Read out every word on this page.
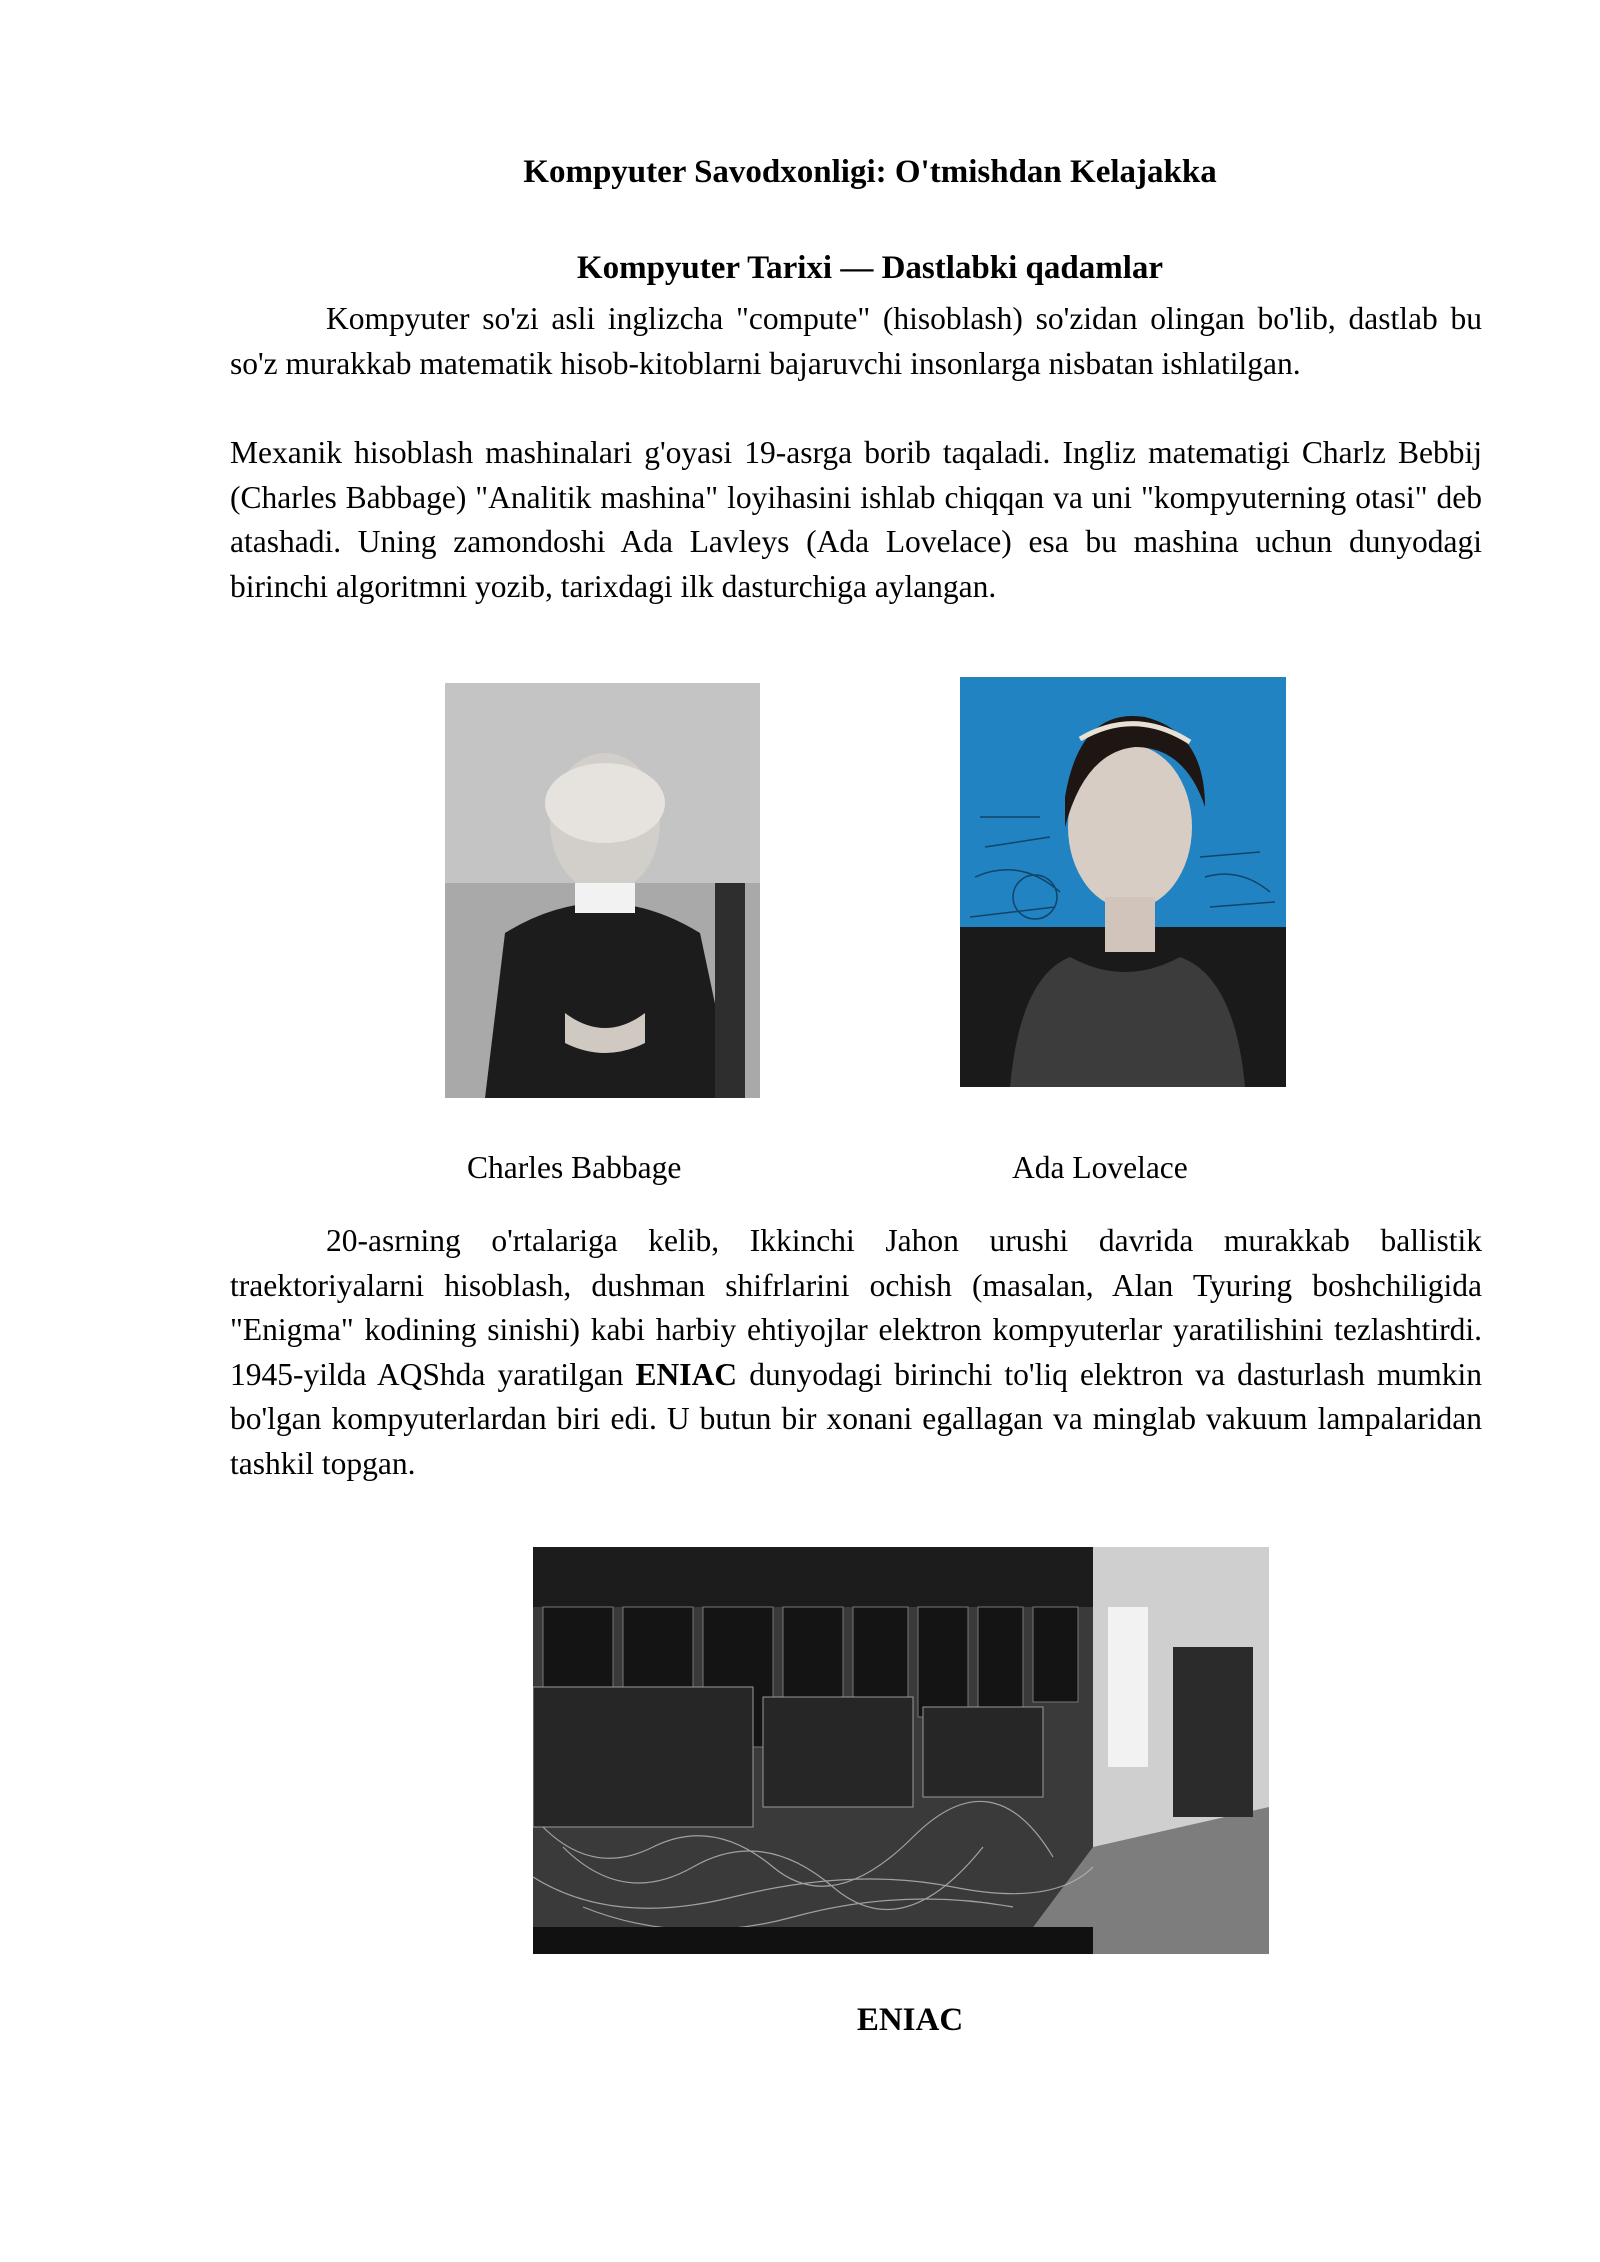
Kompyuter Savodxonligi: O'tmishdan Kelajakka
Kompyuter Tarixi — Dastlabki qadamlar

Kompyuter so'zi asli inglizcha "compute" (hisoblash) so'zidan olingan bo'lib, dastlab bu so'z murakkab matematik hisob-kitoblarni bajaruvchi insonlarga nisbatan ishlatilgan.

Mexanik hisoblash mashinalari g'oyasi 19-asrga borib taqaladi. Ingliz matematigi Charlz Bebbij (Charles Babbage) "Analitik mashina" loyihasini ishlab chiqqan va uni "kompyuterning otasi" deb atashadi. Uning zamondoshi Ada Lavleys (Ada Lovelace) esa bu mashina uchun dunyodagi birinchi algoritmni yozib, tarixdagi ilk dasturchiga aylangan.

Charles Babbage	Ada Lovelace

20-asrning o'rtalariga kelib, Ikkinchi Jahon urushi davrida murakkab ballistik traektoriyalarni hisoblash, dushman shifrlarini ochish (masalan, Alan Tyuring boshchiligida "Enigma" kodining sinishi) kabi harbiy ehtiyojlar elektron kompyuterlar yaratilishini tezlashtirdi. 1945-yilda AQShda yaratilgan ENIAC dunyodagi birinchi to'liq elektron va dasturlash mumkin bo'lgan kompyuterlardan biri edi. U butun bir xonani egallagan va minglab vakuum lampalaridan tashkil topgan.

ENIAC
